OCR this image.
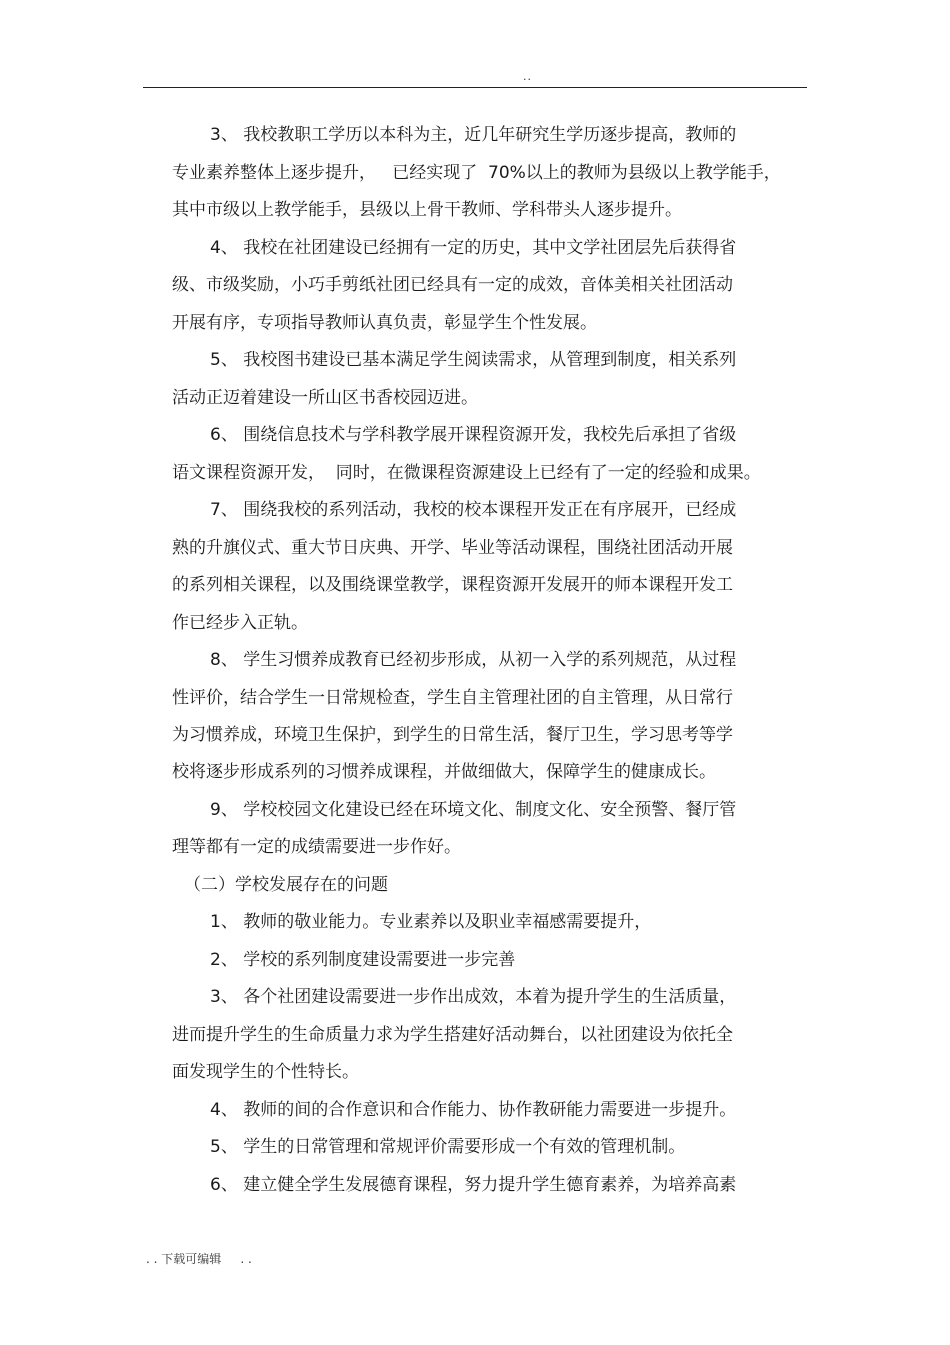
..
3、 我校教职工学历以本科为主，近几年研究生学历逐步提高，教师的
专业素养整体上逐步提升，   已经实现了  70%以上的教师为县级以上教学能手，
其中市级以上教学能手，县级以上骨干教师、学科带头人逐步提升。
4、 我校在社团建设已经拥有一定的历史，其中文学社团层先后获得省
级、市级奖励，小巧手剪纸社团已经具有一定的成效，音体美相关社团活动
开展有序，专项指导教师认真负责，彰显学生个性发展。
5、 我校图书建设已基本满足学生阅读需求，从管理到制度，相关系列
活动正迈着建设一所山区书香校园迈进。
6、 围绕信息技术与学科教学展开课程资源开发，我校先后承担了省级
语文课程资源开发，  同时，在微课程资源建设上已经有了一定的经验和成果。
7、 围绕我校的系列活动，我校的校本课程开发正在有序展开，已经成
熟的升旗仪式、重大节日庆典、开学、毕业等活动课程，围绕社团活动开展
的系列相关课程，以及围绕课堂教学，课程资源开发展开的师本课程开发工
作已经步入正轨。
8、 学生习惯养成教育已经初步形成，从初一入学的系列规范，从过程
性评价，结合学生一日常规检查，学生自主管理社团的自主管理，从日常行
为习惯养成，环境卫生保护，到学生的日常生活，餐厅卫生，学习思考等学
校将逐步形成系列的习惯养成课程，并做细做大，保障学生的健康成长。
9、 学校校园文化建设已经在环境文化、制度文化、安全预警、餐厅管
理等都有一定的成绩需要进一步作好。
（二）学校发展存在的问题
1、 教师的敬业能力。专业素养以及职业幸福感需要提升，
2、 学校的系列制度建设需要进一步完善
3、 各个社团建设需要进一步作出成效，本着为提升学生的生活质量，
进而提升学生的生命质量力求为学生搭建好活动舞台，以社团建设为依托全
面发现学生的个性特长。
4、 教师的间的合作意识和合作能力、协作教研能力需要进一步提升。
5、 学生的日常管理和常规评价需要形成一个有效的管理机制。
6、 建立健全学生发展德育课程，努力提升学生德育素养，为培养高素
. . 下载可编辑     . .
